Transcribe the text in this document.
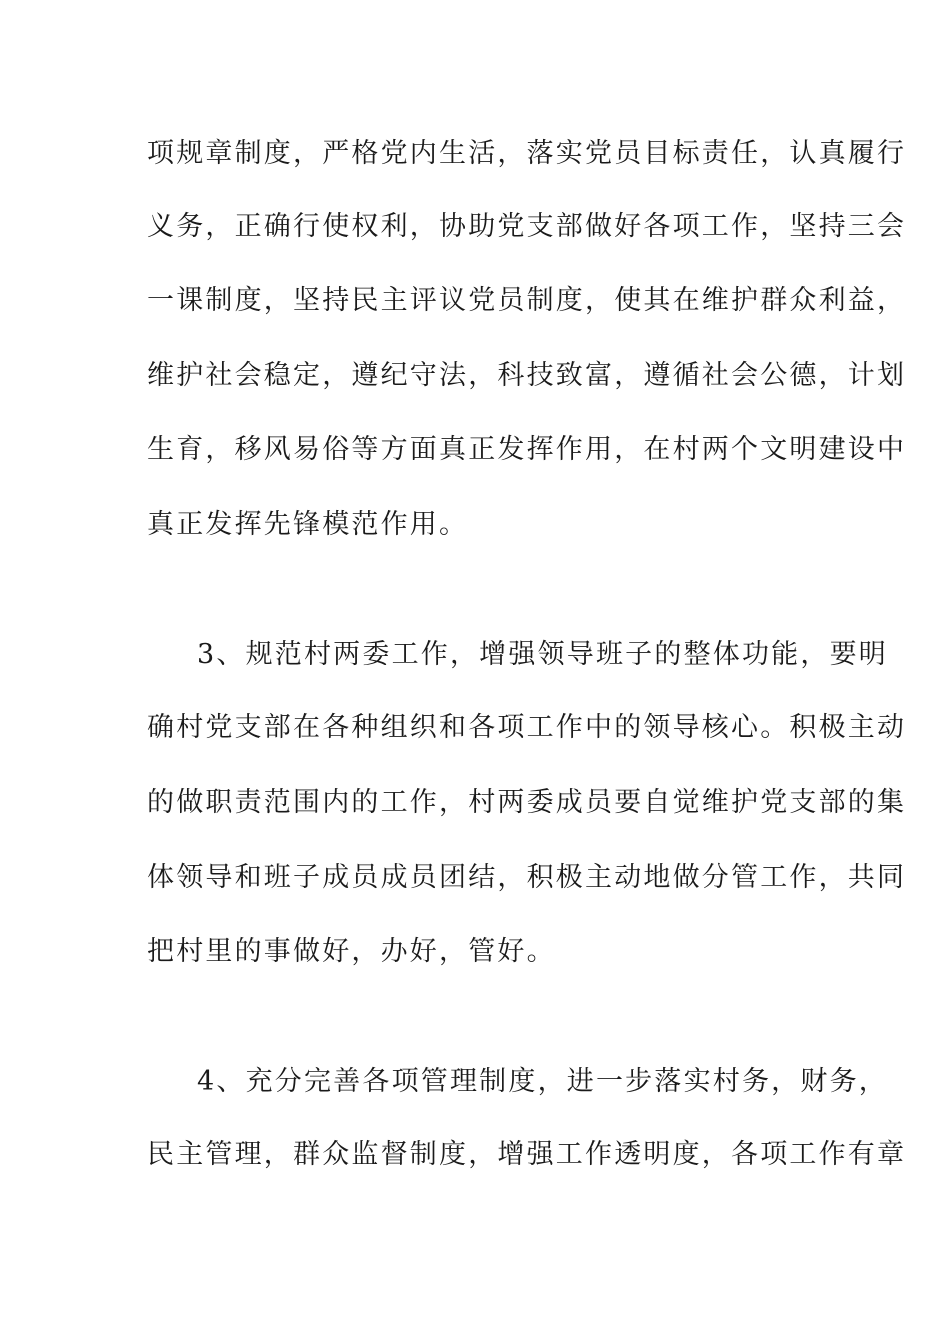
项规章制度，严格党内生活，落实党员目标责任，认真履行
义务，正确行使权利，协助党支部做好各项工作，坚持三会
一课制度，坚持民主评议党员制度，使其在维护群众利益，
维护社会稳定，遵纪守法，科技致富，遵循社会公德，计划
生育，移风易俗等方面真正发挥作用，在村两个文明建设中
真正发挥先锋模范作用。
3、规范村两委工作，增强领导班子的整体功能，要明
确村党支部在各种组织和各项工作中的领导核心。积极主动
的做职责范围内的工作，村两委成员要自觉维护党支部的集
体领导和班子成员成员团结，积极主动地做分管工作，共同
把村里的事做好，办好，管好。
4、充分完善各项管理制度，进一步落实村务，财务，
民主管理，群众监督制度，增强工作透明度，各项工作有章
